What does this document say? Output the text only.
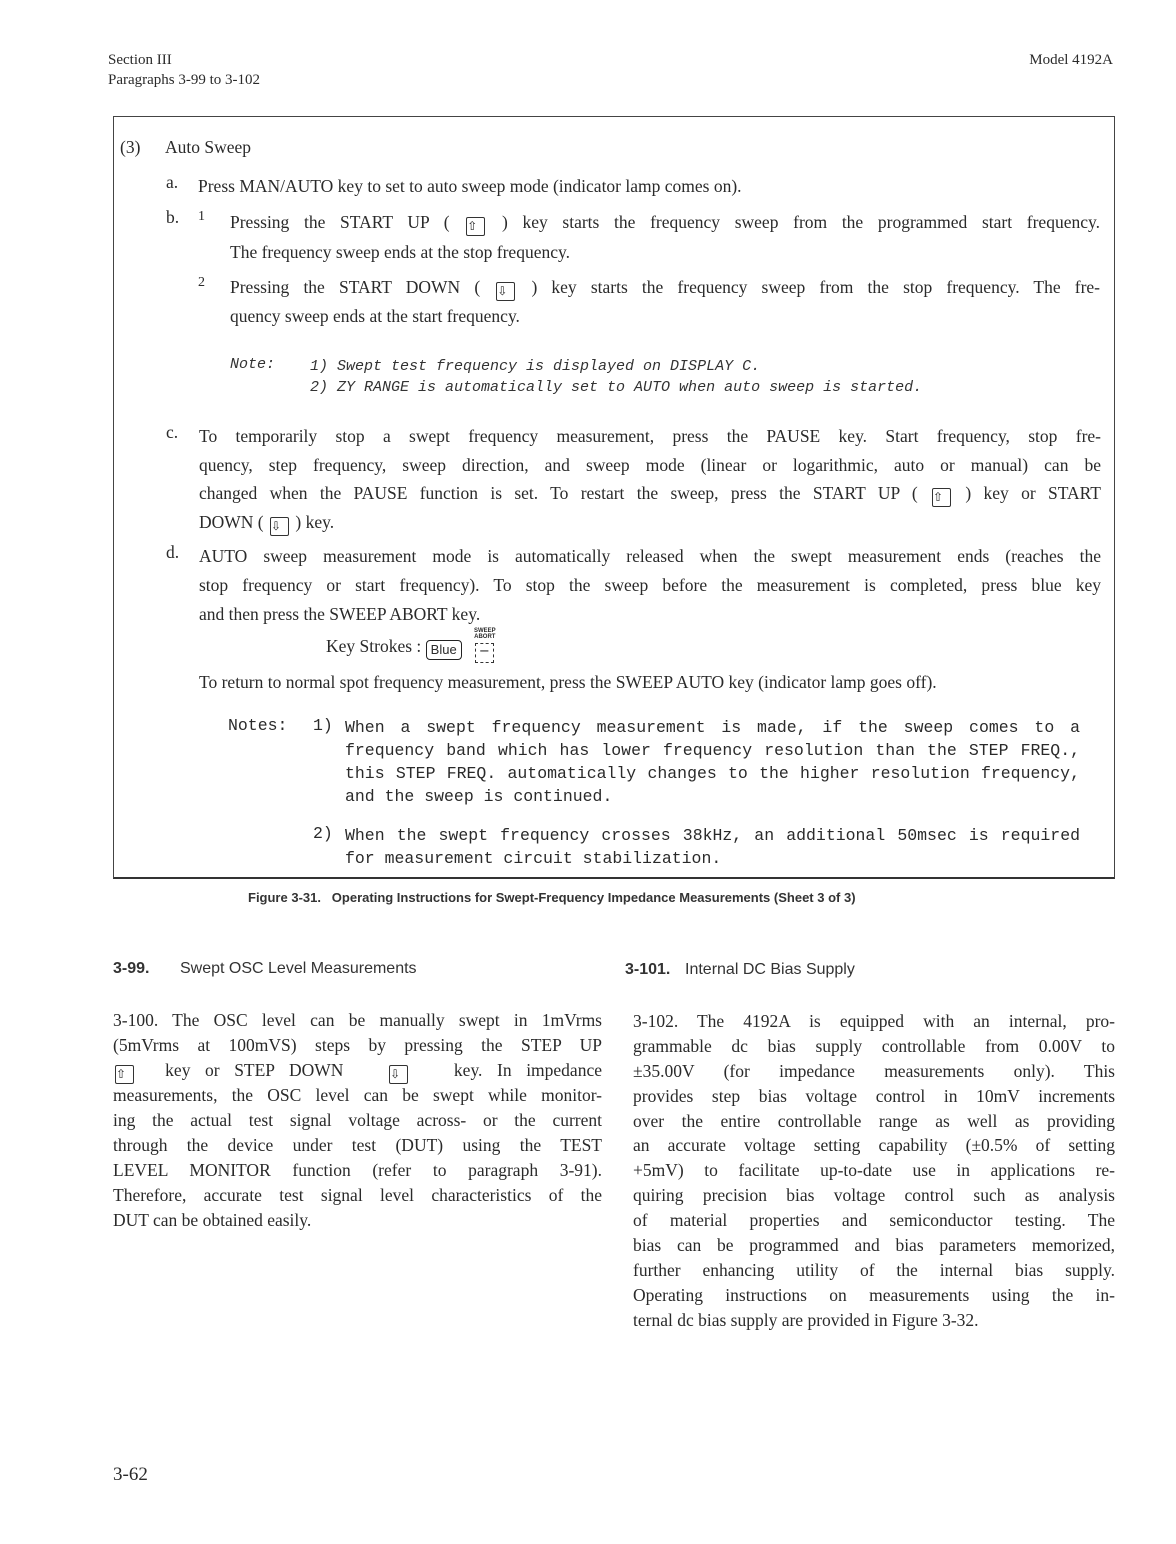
Section III
Paragraphs 3-99 to 3-102
Model 4192A
(3) Auto Sweep
a. Press MAN/AUTO key to set to auto sweep mode (indicator lamp comes on).
b. 1 Pressing the START UP ( ⇧ ) key starts the frequency sweep from the programmed start frequency.
The frequency sweep ends at the stop frequency.
2 Pressing the START DOWN ( ⇩ ) key starts the frequency sweep from the stop frequency. The fre-
quency sweep ends at the start frequency.
Note: 1) Swept test frequency is displayed on DISPLAY C.
2) ZY RANGE is automatically set to AUTO when auto sweep is started.
c. To temporarily stop a swept frequency measurement, press the PAUSE key. Start frequency, stop fre-
quency, step frequency, sweep direction, and sweep mode (linear or logarithmic, auto or manual) can be
changed when the PAUSE function is set. To restart the sweep, press the START UP ( ⇧ ) key or START
DOWN ( ⇩ ) key.
d. AUTO sweep measurement mode is automatically released when the swept measurement ends (reaches the
stop frequency or start frequency). To stop the sweep before the measurement is completed, press blue key
and then press the SWEEP ABORT key.
Key Strokes : Blue
SWEEP ABORT
−
To return to normal spot frequency measurement, press the SWEEP AUTO key (indicator lamp goes off).
Notes: 1) When a swept frequency measurement is made, if the sweep comes to a
frequency band which has lower frequency resolution than the STEP FREQ.,
this STEP FREQ. automatically changes to the higher resolution frequency,
and the sweep is continued.
2) When the swept frequency crosses 38kHz, an additional 50msec is required
for measurement circuit stabilization.
Figure 3-31.   Operating Instructions for Swept-Frequency Impedance Measurements (Sheet 3 of 3)
3-99. Swept OSC Level Measurements
3-100. The OSC level can be manually swept in 1mVrms
(5mVrms at 100mVS) steps by pressing the STEP UP
⇧  key or STEP DOWN   ⇩   key. In impedance
measurements, the OSC level can be swept while monitor-
ing the actual test signal voltage across- or the current
through the device under test (DUT) using the TEST
LEVEL MONITOR function (refer to paragraph 3-91).
Therefore, accurate test signal level characteristics of the
DUT can be obtained easily.
3-101. Internal DC Bias Supply
3-102. The 4192A is equipped with an internal, pro-
grammable dc bias supply controllable from 0.00V to
±35.00V (for impedance measurements only). This
provides step bias voltage control in 10mV increments
over the entire controllable range as well as providing
an accurate voltage setting capability (±0.5% of setting
+5mV) to facilitate up-to-date use in applications re-
quiring precision bias voltage control such as analysis
of material properties and semiconductor testing. The
bias can be programmed and bias parameters memorized,
further enhancing utility of the internal bias supply.
Operating instructions on measurements using the in-
ternal dc bias supply are provided in Figure 3-32.
3-62
